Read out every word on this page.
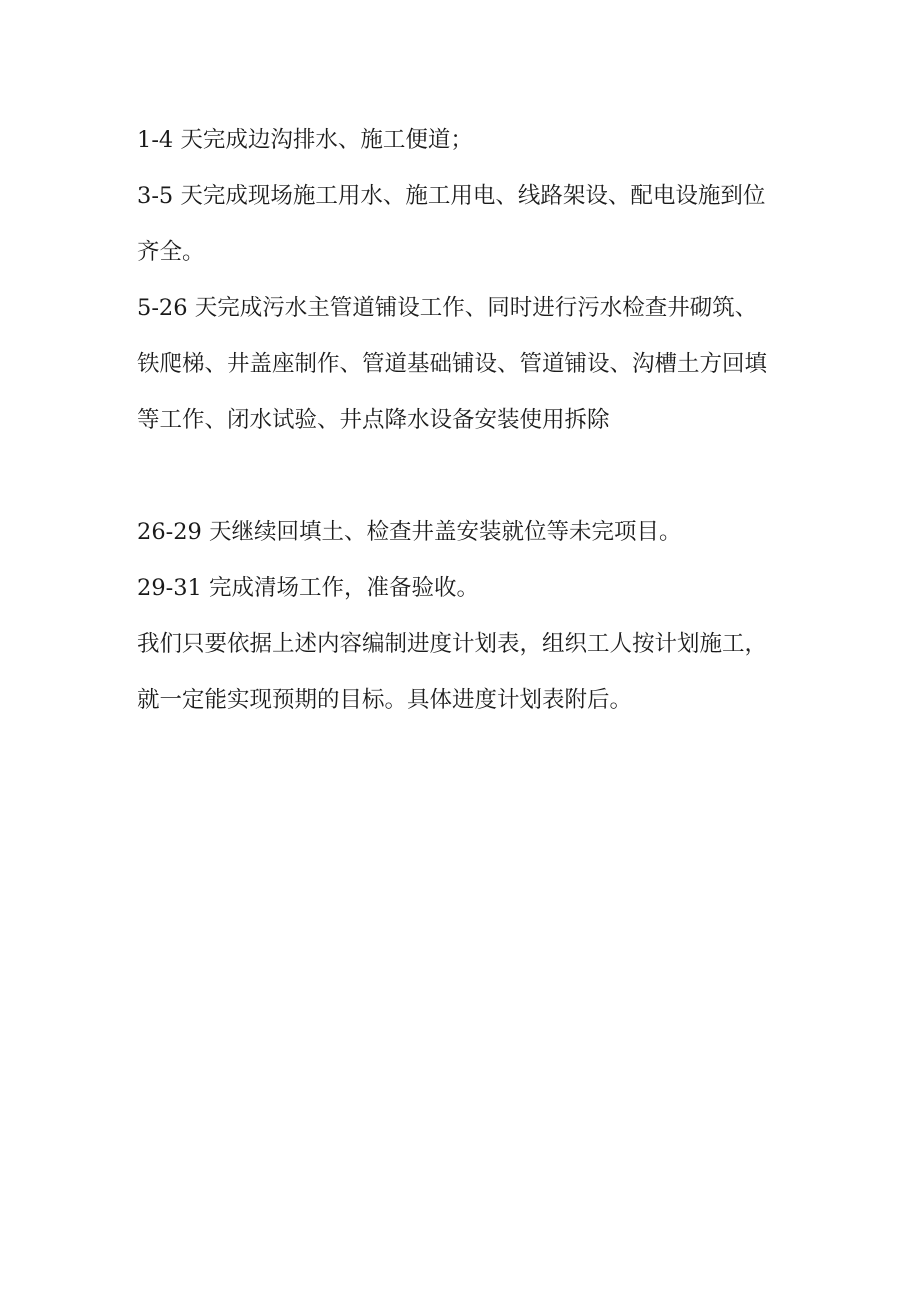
1-4 天完成边沟排水、施工便道；
3-5 天完成现场施工用水、施工用电、线路架设、配电设施到位
齐全。
5-26 天完成污水主管道铺设工作、同时进行污水检查井砌筑、
铁爬梯、井盖座制作、管道基础铺设、管道铺设、沟槽土方回填
等工作、闭水试验、井点降水设备安装使用拆除
26-29 天继续回填土、检查井盖安装就位等未完项目。
29-31 完成清场工作，准备验收。
我们只要依据上述内容编制进度计划表，组织工人按计划施工，
就一定能实现预期的目标。具体进度计划表附后。
